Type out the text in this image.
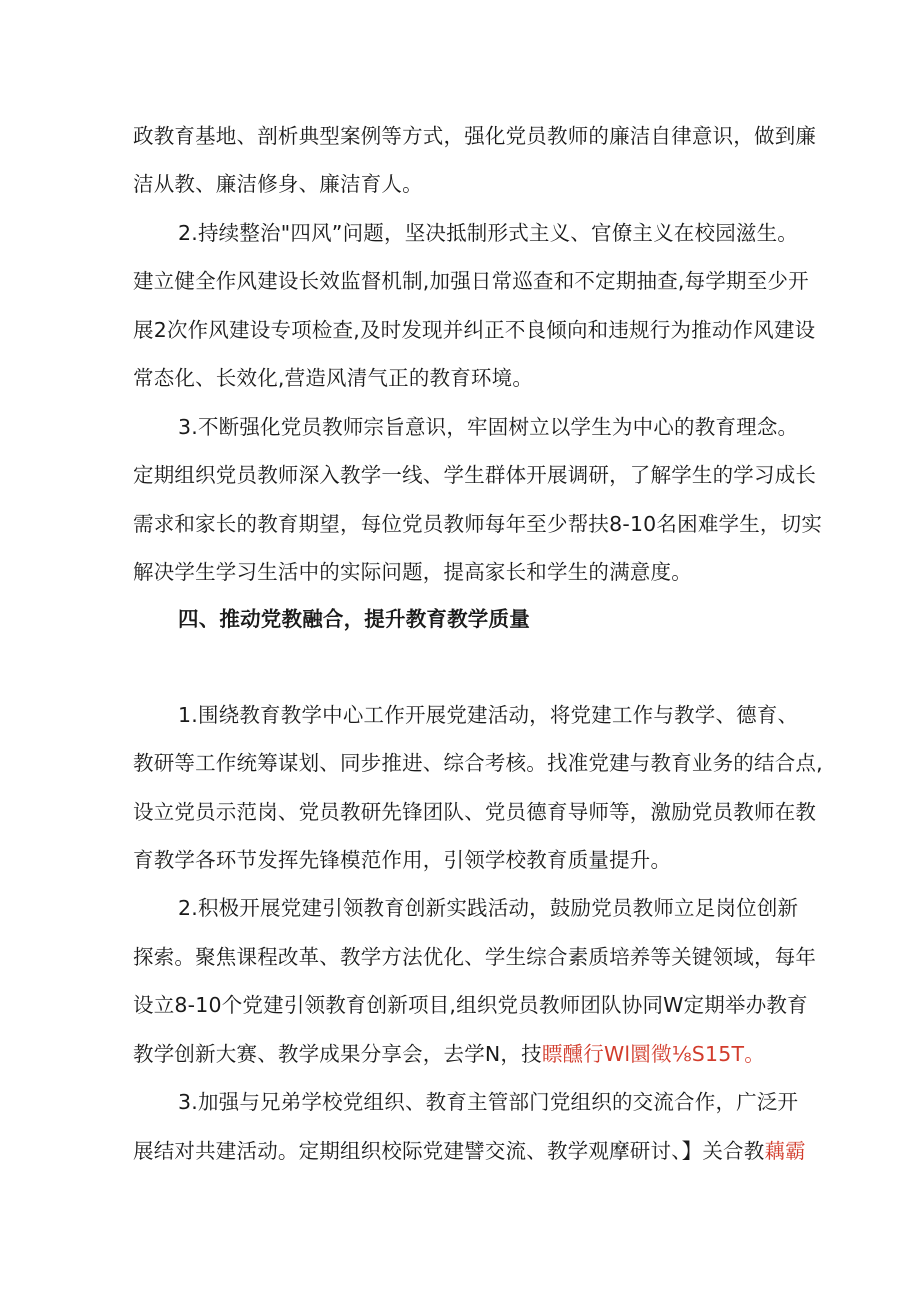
政教育基地、剖析典型案例等方式，强化党员教师的廉洁自律意识，做到廉
洁从教、廉洁修身、廉洁育人。
2.持续整治"四风”问题，坚决抵制形式主义、官僚主义在校园滋生。
建立健全作风建设长效监督机制,加强日常巡查和不定期抽查,每学期至少开
展2次作风建设专项检查,及时发现并纠正不良倾向和违规行为推动作风建设
常态化、长效化,营造风清气正的教育环境。
3.不断强化党员教师宗旨意识，牢固树立以学生为中心的教育理念。
定期组织党员教师深入教学一线、学生群体开展调研，了解学生的学习成长
需求和家长的教育期望，每位党员教师每年至少帮扶8-10名困难学生，切实
解决学生学习生活中的实际问题，提高家长和学生的满意度。
四、推动党教融合，提升教育教学质量
1.围绕教育教学中心工作开展党建活动，将党建工作与教学、德育、
教研等工作统筹谋划、同步推进、综合考核。找准党建与教育业务的结合点,
设立党员示范岗、党员教研先锋团队、党员德育导师等，激励党员教师在教
育教学各环节发挥先锋模范作用，引领学校教育质量提升。
2.积极开展党建引领教育创新实践活动，鼓励党员教师立足岗位创新
探索。聚焦课程改革、教学方法优化、学生综合素质培养等关键领域，每年
设立8-10个党建引领教育创新项目,组织党员教师团队协同W定期举办教育
教学创新大赛、教学成果分享会，去学N，技瞟醺行Wl圜徵⅛S15T。
3.加强与兄弟学校党组织、教育主管部门党组织的交流合作，广泛开
展结对共建活动。定期组织校际党建譬交流、教学观摩研讨、】关合教藕霸
